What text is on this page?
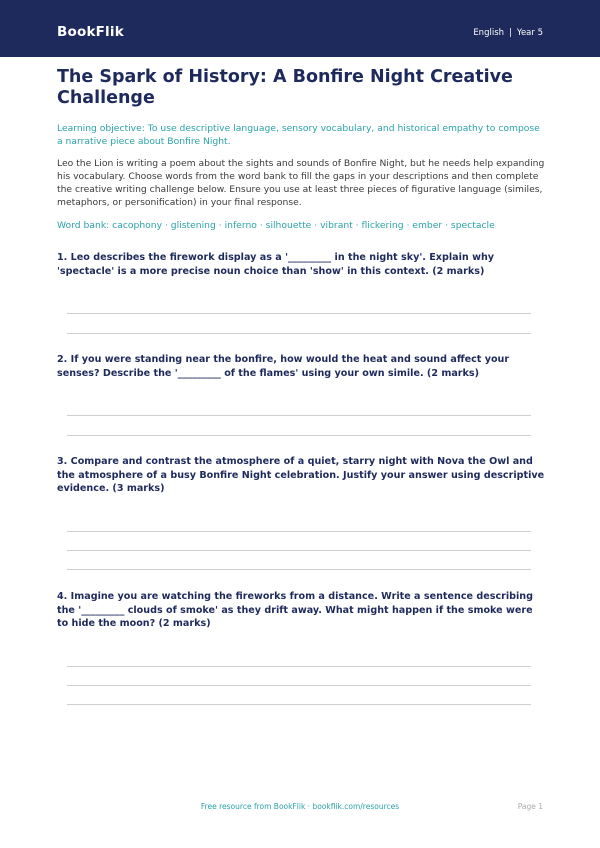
BookFlik	English | Year 5
The Spark of History: A Bonfire Night Creative Challenge
Learning objective: To use descriptive language, sensory vocabulary, and historical empathy to compose a narrative piece about Bonfire Night.
Leo the Lion is writing a poem about the sights and sounds of Bonfire Night, but he needs help expanding his vocabulary. Choose words from the word bank to fill the gaps in your descriptions and then complete the creative writing challenge below. Ensure you use at least three pieces of figurative language (similes, metaphors, or personification) in your final response.
Word bank: cacophony · glistening · inferno · silhouette · vibrant · flickering · ember · spectacle
1. Leo describes the firework display as a '_________ in the night sky'. Explain why 'spectacle' is a more precise noun choice than 'show' in this context. (2 marks)
2. If you were standing near the bonfire, how would the heat and sound affect your senses? Describe the '_________ of the flames' using your own simile. (2 marks)
3. Compare and contrast the atmosphere of a quiet, starry night with Nova the Owl and the atmosphere of a busy Bonfire Night celebration. Justify your answer using descriptive evidence. (3 marks)
4. Imagine you are watching the fireworks from a distance. Write a sentence describing the '_________ clouds of smoke' as they drift away. What might happen if the smoke were to hide the moon? (2 marks)
Free resource from BookFlik · bookflik.com/resources	Page 1
